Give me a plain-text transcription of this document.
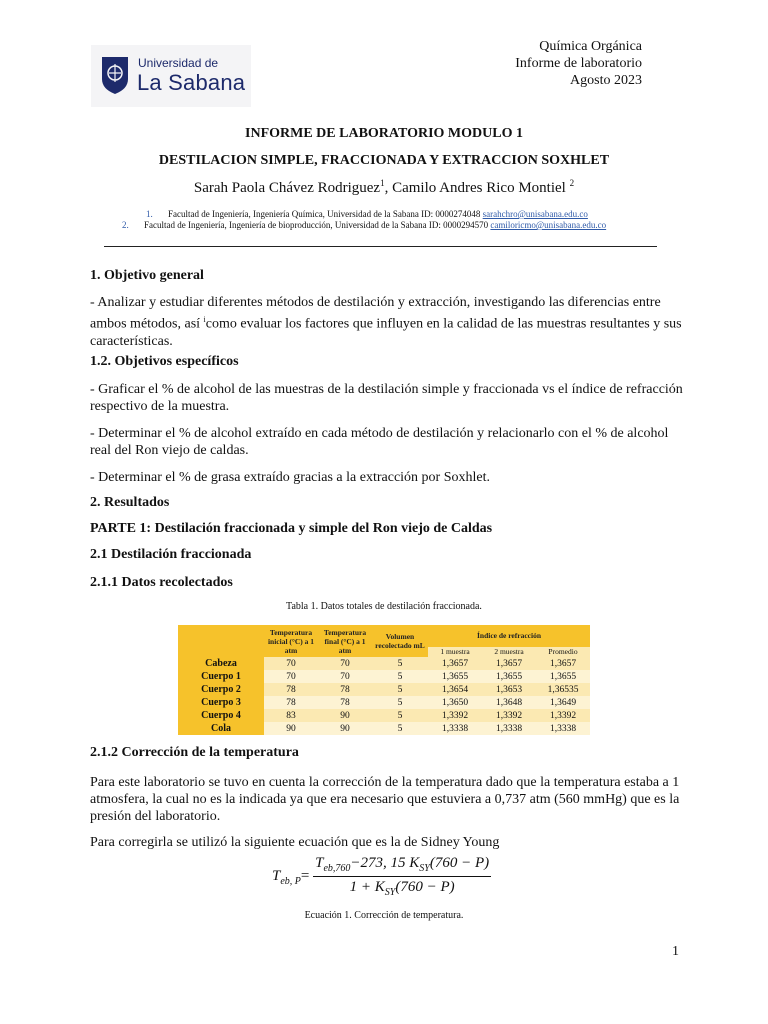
Universidad de
La Sabana
Química Orgánica
Informe de laboratorio
Agosto 2023
INFORME DE LABORATORIO MODULO 1
DESTILACION SIMPLE, FRACCIONADA Y EXTRACCION SOXHLET
Sarah Paola Chávez Rodriguez$^1$, Camilo Andres Rico Montiel $^2$
1. Facultad de Ingeniería, Ingeniería Química, Universidad de la Sabana ID: 0000274048 sarahchro@unisabana.edu.co
2. Facultad de Ingeniería, Ingeniería de bioproducción, Universidad de la Sabana ID: 0000294570 camiloricmo@unisabana.edu.co
1. Objetivo general
- Analizar y estudiar diferentes métodos de destilación y extracción, investigando las diferencias entre
ambos métodos, así $^i$como evaluar los factores que influyen en la calidad de las muestras resultantes y sus
características.
1.2. Objetivos específicos
- Graficar el % de alcohol de las muestras de la destilación simple y fraccionada vs el índice de refracción
respectivo de la muestra.
- Determinar el % de alcohol extraído en cada método de destilación y relacionarlo con el % de alcohol
real del Ron viejo de caldas.
- Determinar el % de grasa extraído gracias a la extracción por Soxhlet.
2. Resultados
PARTE 1: Destilación fraccionada y simple del Ron viejo de Caldas
2.1 Destilación fraccionada
2.1.1 Datos recolectados
Tabla 1. Datos totales de destilación fraccionada.
	Temperatura inicial (°C) a 1 atm	Temperatura final (°C) a 1 atm	Volumen recolectado mL	Índice de refracción		
				1 muestra	2 muestra	Promedio
Cabeza	70	70	5	1,3657	1,3657	1,3657
Cuerpo 1	70	70	5	1,3655	1,3655	1,3655
Cuerpo 2	78	78	5	1,3654	1,3653	1,36535
Cuerpo 3	78	78	5	1,3650	1,3648	1,3649
Cuerpo 4	83	90	5	1,3392	1,3392	1,3392
Cola	90	90	5	1,3338	1,3338	1,3338
2.1.2 Corrección de la temperatura
Para este laboratorio se tuvo en cuenta la corrección de la temperatura dado que la temperatura estaba a 1
atmosfera, la cual no es la indicada ya que era necesario que estuviera a 0,737 atm (560 mmHg) que es la
presión del laboratorio.
Para corregirla se utilizó la siguiente ecuación que es la de Sidney Young
$T_{eb, P}= \frac{T_{eb,760}-273, 15 K_{SY}(760 - P)}{1 + K_{SY}(760 - P)}$
Ecuación 1. Corrección de temperatura.
1
